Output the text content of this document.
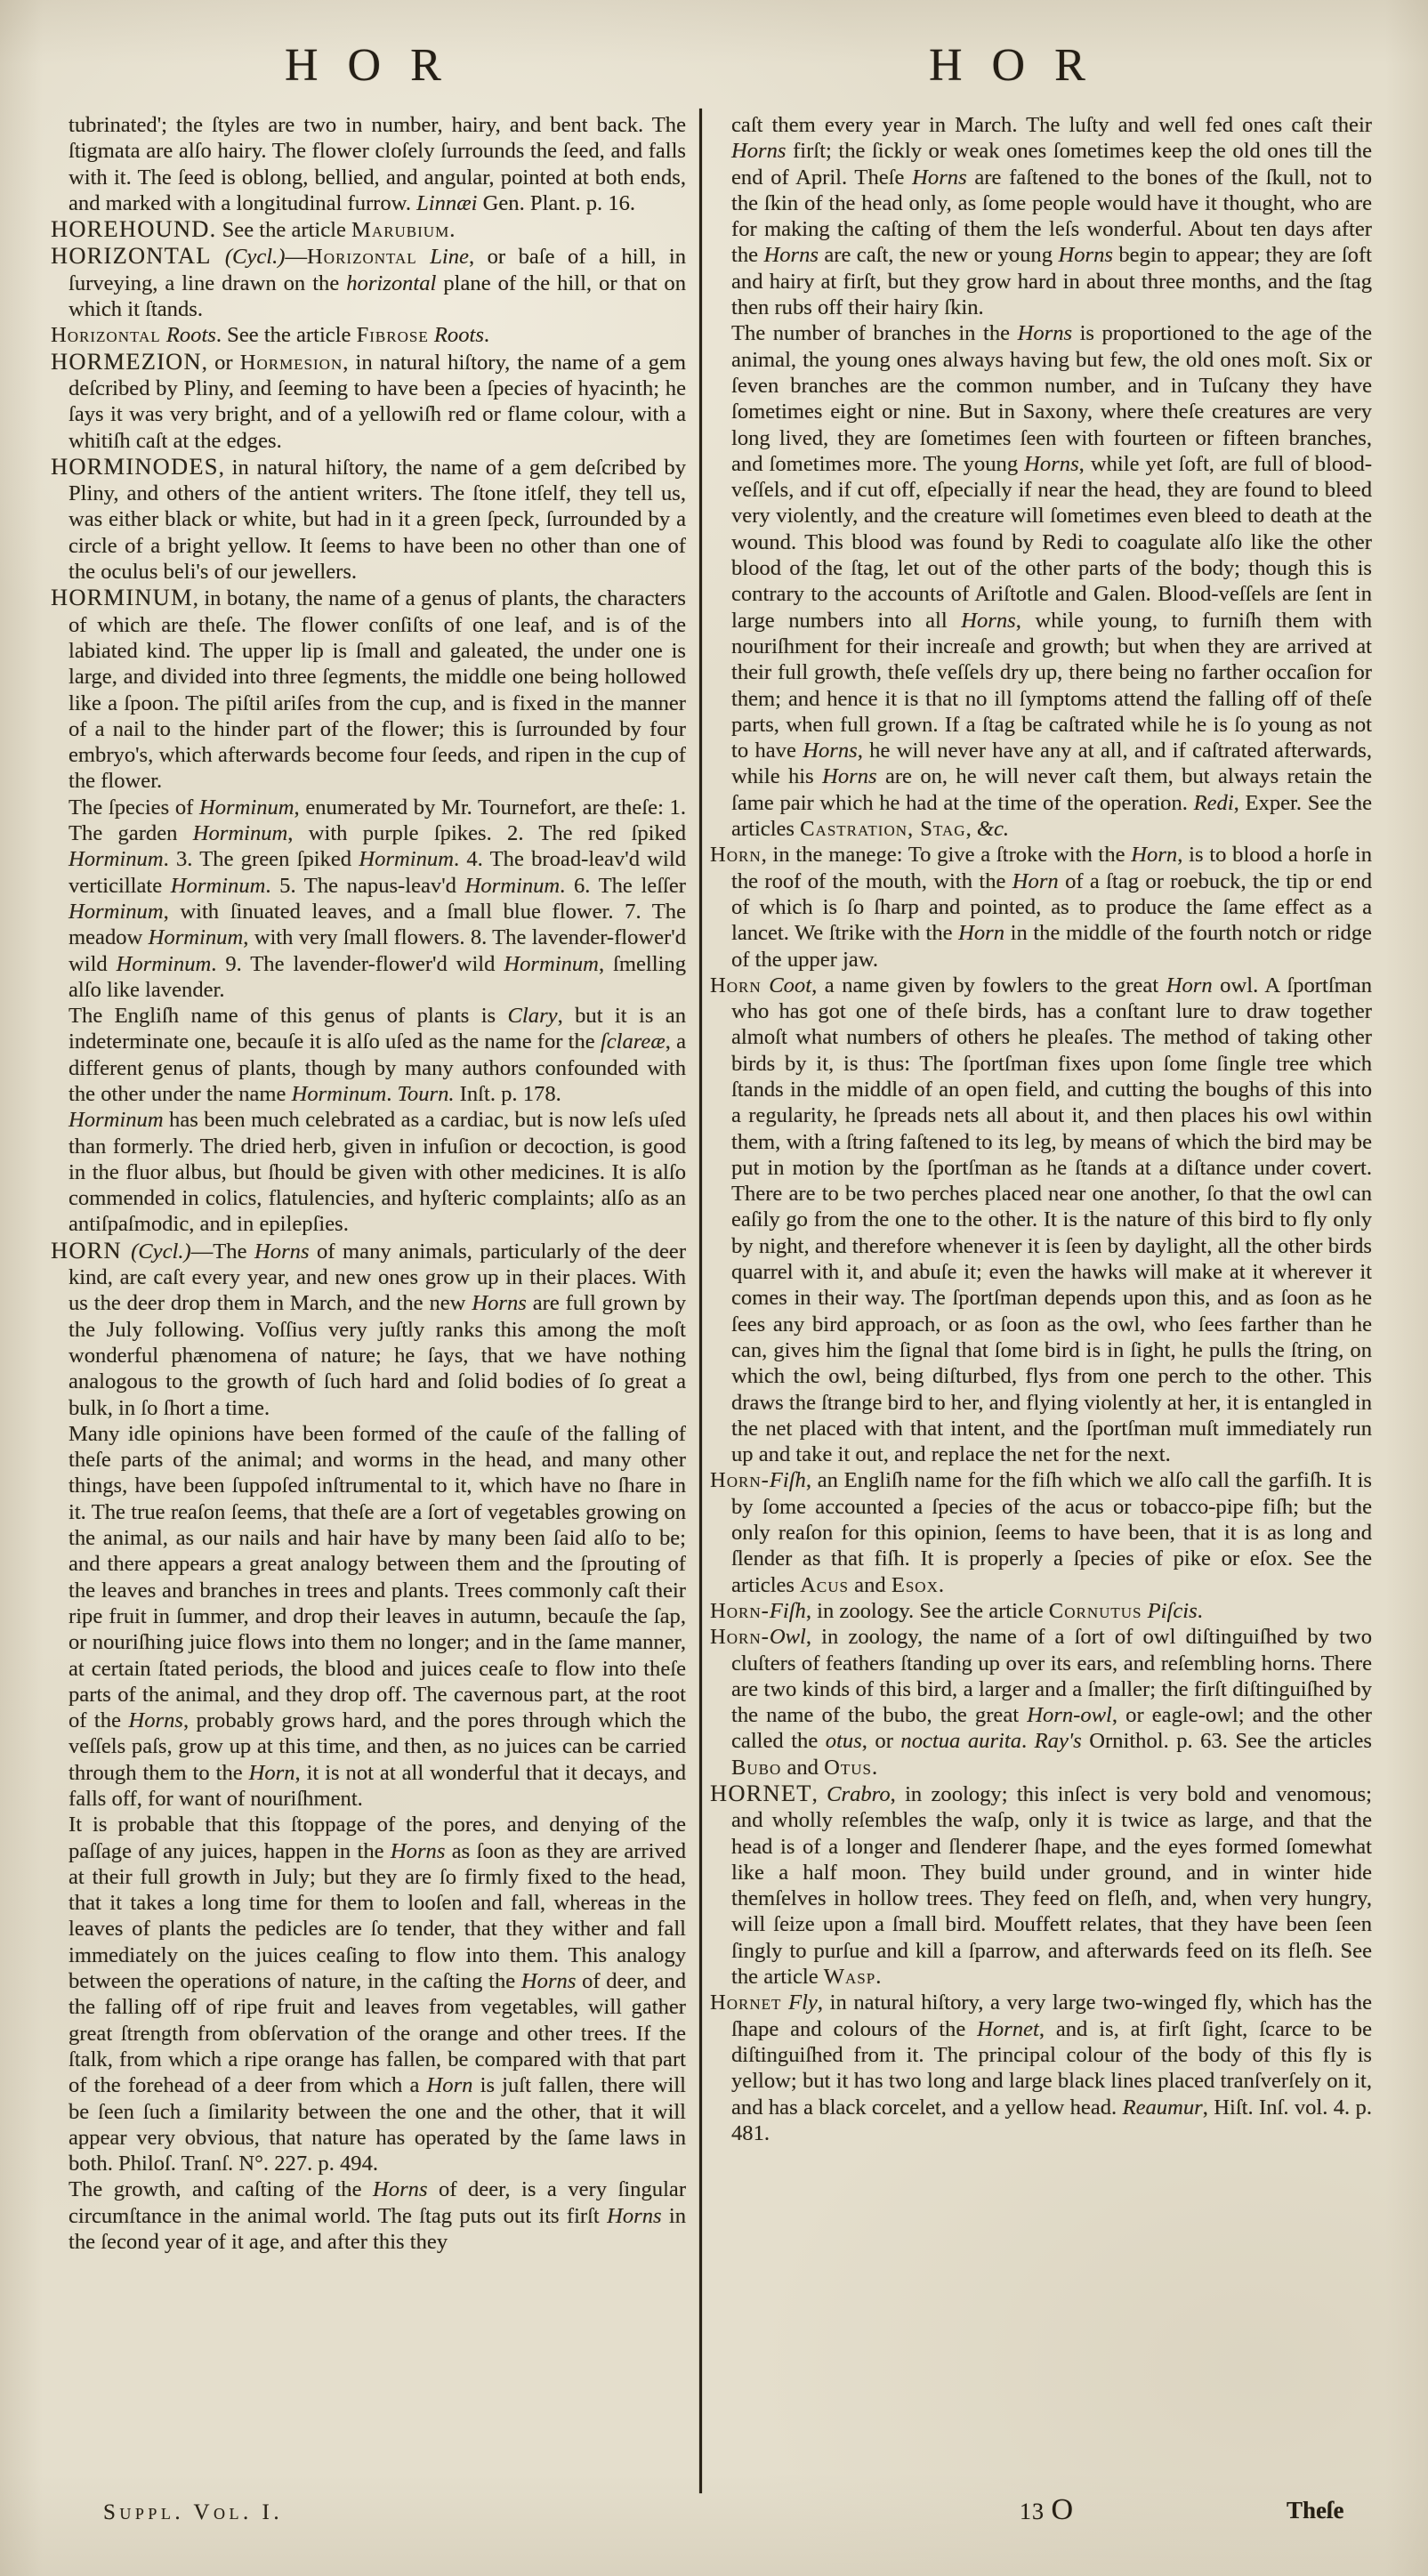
H O R	H O R

tubrinated'; the ſtyles are two in number, hairy, and bent back. The ſtigmata are alſo hairy. The flower cloſely ſurrounds the ſeed, and falls with it. The ſeed is oblong, bellied, and angular, pointed at both ends, and marked with a longitudinal furrow. Linnæi Gen. Plant. p. 16.

HOREHOUND. See the article Marubium.

HORIZONTAL (Cycl.)—Horizontal Line, or baſe of a hill, in ſurveying, a line drawn on the horizontal plane of the hill, or that on which it ſtands.

Horizontal Roots. See the article Fibrose Roots.

HORMEZION, or Hormesion, in natural hiſtory, the name of a gem deſcribed by Pliny, and ſeeming to have been a ſpecies of hyacinth; he ſays it was very bright, and of a yellowiſh red or flame colour, with a whitiſh caſt at the edges.

HORMINODES, in natural hiſtory, the name of a gem deſcribed by Pliny, and others of the antient writers. The ſtone itſelf, they tell us, was either black or white, but had in it a green ſpeck, ſurrounded by a circle of a bright yellow. It ſeems to have been no other than one of the oculus beli's of our jewellers.

HORMINUM, in botany, the name of a genus of plants, the characters of which are theſe. The flower conſiſts of one leaf, and is of the labiated kind. The upper lip is ſmall and galeated, the under one is large, and divided into three ſegments, the middle one being hollowed like a ſpoon. The piſtil ariſes from the cup, and is fixed in the manner of a nail to the hinder part of the flower; this is ſurrounded by four embryo's, which afterwards become four ſeeds, and ripen in the cup of the flower.

The ſpecies of Horminum, enumerated by Mr. Tournefort, are theſe: 1. The garden Horminum, with purple ſpikes. 2. The red ſpiked Horminum. 3. The green ſpiked Horminum. 4. The broad-leav'd wild verticillate Horminum. 5. The napus-leav'd Horminum. 6. The leſſer Horminum, with ſinuated leaves, and a ſmall blue flower. 7. The meadow Horminum, with very ſmall flowers. 8. The lavender-flower'd wild Horminum. 9. The lavender-flower'd wild Horminum, ſmelling alſo like lavender.

The Engliſh name of this genus of plants is Clary, but it is an indeterminate one, becauſe it is alſo uſed as the name for the ſclareæ, a different genus of plants, though by many authors confounded with the other under the name Horminum. Tourn. Inſt. p. 178.

Horminum has been much celebrated as a cardiac, but is now leſs uſed than formerly. The dried herb, given in infuſion or decoction, is good in the fluor albus, but ſhould be given with other medicines. It is alſo commended in colics, flatulencies, and hyſteric complaints; alſo as an antiſpaſmodic, and in epilepſies.

HORN (Cycl.)—The Horns of many animals, particularly of the deer kind, are caſt every year, and new ones grow up in their places. With us the deer drop them in March, and the new Horns are full grown by the July following. Voſſius very juſtly ranks this among the moſt wonderful phænomena of nature; he ſays, that we have nothing analogous to the growth of ſuch hard and ſolid bodies of ſo great a bulk, in ſo ſhort a time.

Many idle opinions have been formed of the cauſe of the falling of theſe parts of the animal; and worms in the head, and many other things, have been ſuppoſed inſtrumental to it, which have no ſhare in it. The true reaſon ſeems, that theſe are a ſort of vegetables growing on the animal, as our nails and hair have by many been ſaid alſo to be; and there appears a great analogy between them and the ſprouting of the leaves and branches in trees and plants. Trees commonly caſt their ripe fruit in ſummer, and drop their leaves in autumn, becauſe the ſap, or nouriſhing juice flows into them no longer; and in the ſame manner, at certain ſtated periods, the blood and juices ceaſe to flow into theſe parts of the animal, and they drop off. The cavernous part, at the root of the Horns, probably grows hard, and the pores through which the veſſels paſs, grow up at this time, and then, as no juices can be carried through them to the Horn, it is not at all wonderful that it decays, and falls off, for want of nouriſhment.

It is probable that this ſtoppage of the pores, and denying of the paſſage of any juices, happen in the Horns as ſoon as they are arrived at their full growth in July; but they are ſo firmly fixed to the head, that it takes a long time for them to looſen and fall, whereas in the leaves of plants the pedicles are ſo tender, that they wither and fall immediately on the juices ceaſing to flow into them. This analogy between the operations of nature, in the caſting the Horns of deer, and the falling off of ripe fruit and leaves from vegetables, will gather great ſtrength from obſervation of the orange and other trees. If the ſtalk, from which a ripe orange has fallen, be compared with that part of the forehead of a deer from which a Horn is juſt fallen, there will be ſeen ſuch a ſimilarity between the one and the other, that it will appear very obvious, that nature has operated by the ſame laws in both. Philoſ. Tranſ. N°. 227. p. 494.

The growth, and caſting of the Horns of deer, is a very ſingular circumſtance in the animal world. The ſtag puts out its firſt Horns in the ſecond year of it age, and after this they

caſt them every year in March. The luſty and well fed ones caſt their Horns firſt; the ſickly or weak ones ſometimes keep the old ones till the end of April. Theſe Horns are faſtened to the bones of the ſkull, not to the ſkin of the head only, as ſome people would have it thought, who are for making the caſting of them the leſs wonderful. About ten days after the Horns are caſt, the new or young Horns begin to appear; they are ſoft and hairy at firſt, but they grow hard in about three months, and the ſtag then rubs off their hairy ſkin.

The number of branches in the Horns is proportioned to the age of the animal, the young ones always having but few, the old ones moſt. Six or ſeven branches are the common number, and in Tuſcany they have ſometimes eight or nine. But in Saxony, where theſe creatures are very long lived, they are ſometimes ſeen with fourteen or fifteen branches, and ſometimes more. The young Horns, while yet ſoft, are full of blood-veſſels, and if cut off, eſpecially if near the head, they are found to bleed very violently, and the creature will ſometimes even bleed to death at the wound. This blood was found by Redi to coagulate alſo like the other blood of the ſtag, let out of the other parts of the body; though this is contrary to the accounts of Ariſtotle and Galen. Blood-veſſels are ſent in large numbers into all Horns, while young, to furniſh them with nouriſhment for their increaſe and growth; but when they are arrived at their full growth, theſe veſſels dry up, there being no farther occaſion for them; and hence it is that no ill ſymptoms attend the falling off of theſe parts, when full grown. If a ſtag be caſtrated while he is ſo young as not to have Horns, he will never have any at all, and if caſtrated afterwards, while his Horns are on, he will never caſt them, but always retain the ſame pair which he had at the time of the operation. Redi, Exper. See the articles Castration, Stag, &c.

Horn, in the manege: To give a ſtroke with the Horn, is to blood a horſe in the roof of the mouth, with the Horn of a ſtag or roebuck, the tip or end of which is ſo ſharp and pointed, as to produce the ſame effect as a lancet. We ſtrike with the Horn in the middle of the fourth notch or ridge of the upper jaw.

Horn Coot, a name given by fowlers to the great Horn owl. A ſportſman who has got one of theſe birds, has a conſtant lure to draw together almoſt what numbers of others he pleaſes. The method of taking other birds by it, is thus: The ſportſman fixes upon ſome ſingle tree which ſtands in the middle of an open field, and cutting the boughs of this into a regularity, he ſpreads nets all about it, and then places his owl within them, with a ſtring faſtened to its leg, by means of which the bird may be put in motion by the ſportſman as he ſtands at a diſtance under covert. There are to be two perches placed near one another, ſo that the owl can eaſily go from the one to the other. It is the nature of this bird to fly only by night, and therefore whenever it is ſeen by daylight, all the other birds quarrel with it, and abuſe it; even the hawks will make at it wherever it comes in their way. The ſportſman depends upon this, and as ſoon as he ſees any bird approach, or as ſoon as the owl, who ſees farther than he can, gives him the ſignal that ſome bird is in ſight, he pulls the ſtring, on which the owl, being diſturbed, flys from one perch to the other. This draws the ſtrange bird to her, and flying violently at her, it is entangled in the net placed with that intent, and the ſportſman muſt immediately run up and take it out, and replace the net for the next.

Horn-Fiſh, an Engliſh name for the fiſh which we alſo call the garfiſh. It is by ſome accounted a ſpecies of the acus or tobacco-pipe fiſh; but the only reaſon for this opinion, ſeems to have been, that it is as long and ſlender as that fiſh. It is properly a ſpecies of pike or eſox. See the articles Acus and Esox.

Horn-Fiſh, in zoology. See the article Cornutus Piſcis.

Horn-Owl, in zoology, the name of a ſort of owl diſtinguiſhed by two cluſters of feathers ſtanding up over its ears, and reſembling horns. There are two kinds of this bird, a larger and a ſmaller; the firſt diſtinguiſhed by the name of the bubo, the great Horn-owl, or eagle-owl; and the other called the otus, or noctua aurita. Ray's Ornithol. p. 63. See the articles Bubo and Otus.

HORNET, Crabro, in zoology; this inſect is very bold and venomous; and wholly reſembles the waſp, only it is twice as large, and that the head is of a longer and ſlenderer ſhape, and the eyes formed ſomewhat like a half moon. They build under ground, and in winter hide themſelves in hollow trees. They feed on fleſh, and, when very hungry, will ſeize upon a ſmall bird. Mouffett relates, that they have been ſeen ſingly to purſue and kill a ſparrow, and afterwards feed on its fleſh. See the article Wasp.

Hornet Fly, in natural hiſtory, a very large two-winged fly, which has the ſhape and colours of the Hornet, and is, at firſt ſight, ſcarce to be diſtinguiſhed from it. The principal colour of the body of this fly is yellow; but it has two long and large black lines placed tranſverſely on it, and has a black corcelet, and a yellow head. Reaumur, Hiſt. Inſ. vol. 4. p. 481.

Suppl. Vol. I.	13 O	Theſe
